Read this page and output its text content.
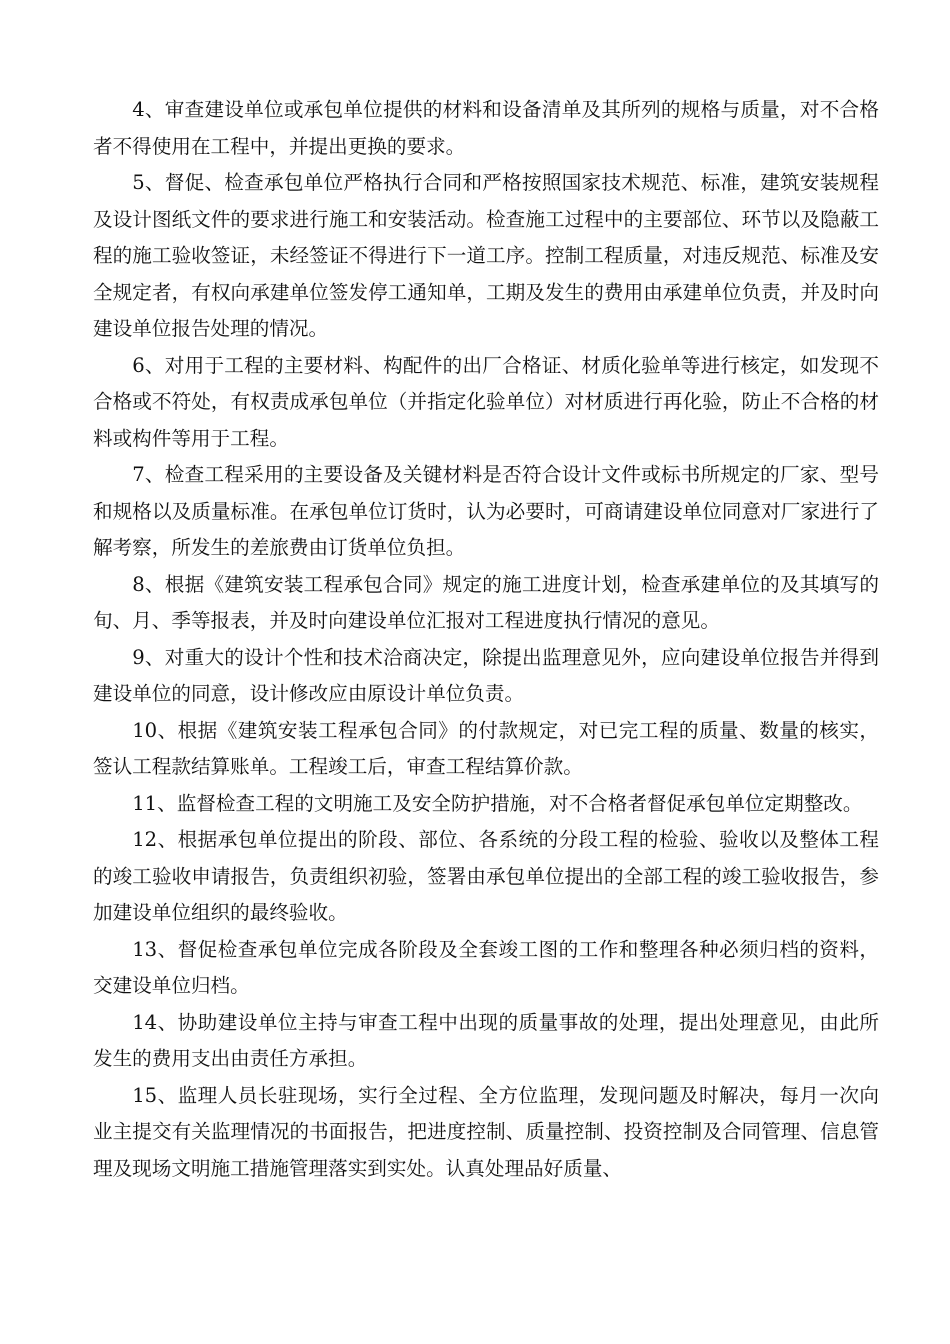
4、审查建设单位或承包单位提供的材料和设备清单及其所列的规格与质量，对不合格者不得使用在工程中，并提出更换的要求。

5、督促、检查承包单位严格执行合同和严格按照国家技术规范、标准，建筑安装规程及设计图纸文件的要求进行施工和安装活动。检查施工过程中的主要部位、环节以及隐蔽工程的施工验收签证，未经签证不得进行下一道工序。控制工程质量，对违反规范、标准及安全规定者，有权向承建单位签发停工通知单，工期及发生的费用由承建单位负责，并及时向建设单位报告处理的情况。

6、对用于工程的主要材料、构配件的出厂合格证、材质化验单等进行核定，如发现不合格或不符处，有权责成承包单位（并指定化验单位）对材质进行再化验，防止不合格的材料或构件等用于工程。

7、检查工程采用的主要设备及关键材料是否符合设计文件或标书所规定的厂家、型号和规格以及质量标准。在承包单位订货时，认为必要时，可商请建设单位同意对厂家进行了解考察，所发生的差旅费由订货单位负担。

8、根据《建筑安装工程承包合同》规定的施工进度计划，检查承建单位的及其填写的旬、月、季等报表，并及时向建设单位汇报对工程进度执行情况的意见。

9、对重大的设计个性和技术洽商决定，除提出监理意见外，应向建设单位报告并得到建设单位的同意，设计修改应由原设计单位负责。

10、根据《建筑安装工程承包合同》的付款规定，对已完工程的质量、数量的核实，签认工程款结算账单。工程竣工后，审查工程结算价款。

11、监督检查工程的文明施工及安全防护措施，对不合格者督促承包单位定期整改。

12、根据承包单位提出的阶段、部位、各系统的分段工程的检验、验收以及整体工程的竣工验收申请报告，负责组织初验，签署由承包单位提出的全部工程的竣工验收报告，参加建设单位组织的最终验收。

13、督促检查承包单位完成各阶段及全套竣工图的工作和整理各种必须归档的资料，交建设单位归档。

14、协助建设单位主持与审查工程中出现的质量事故的处理，提出处理意见，由此所发生的费用支出由责任方承担。

15、监理人员长驻现场，实行全过程、全方位监理，发现问题及时解决，每月一次向业主提交有关监理情况的书面报告，把进度控制、质量控制、投资控制及合同管理、信息管理及现场文明施工措施管理落实到实处。认真处理品好质量、
